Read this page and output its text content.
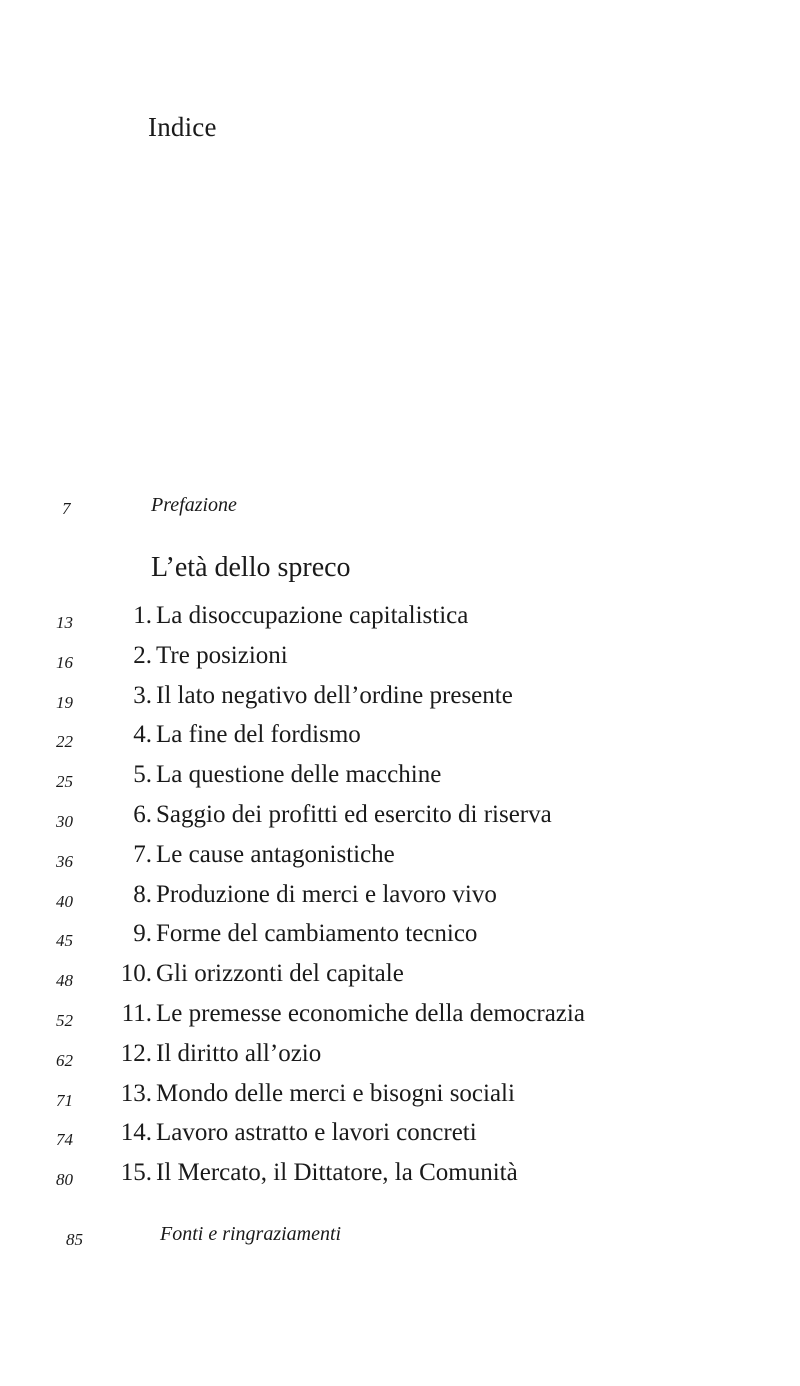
Indice
7	Prefazione
L’età dello spreco
13	1. La disoccupazione capitalistica
16	2. Tre posizioni
19	3. Il lato negativo dell’ordine presente
22	4. La fine del fordismo
25	5. La questione delle macchine
30	6. Saggio dei profitti ed esercito di riserva
36	7. Le cause antagonistiche
40	8. Produzione di merci e lavoro vivo
45	9. Forme del cambiamento tecnico
48	10. Gli orizzonti del capitale
52	11. Le premesse economiche della democrazia
62	12. Il diritto all’ozio
71	13. Mondo delle merci e bisogni sociali
74	14. Lavoro astratto e lavori concreti
80	15. Il Mercato, il Dittatore, la Comunità
85	Fonti e ringraziamenti
